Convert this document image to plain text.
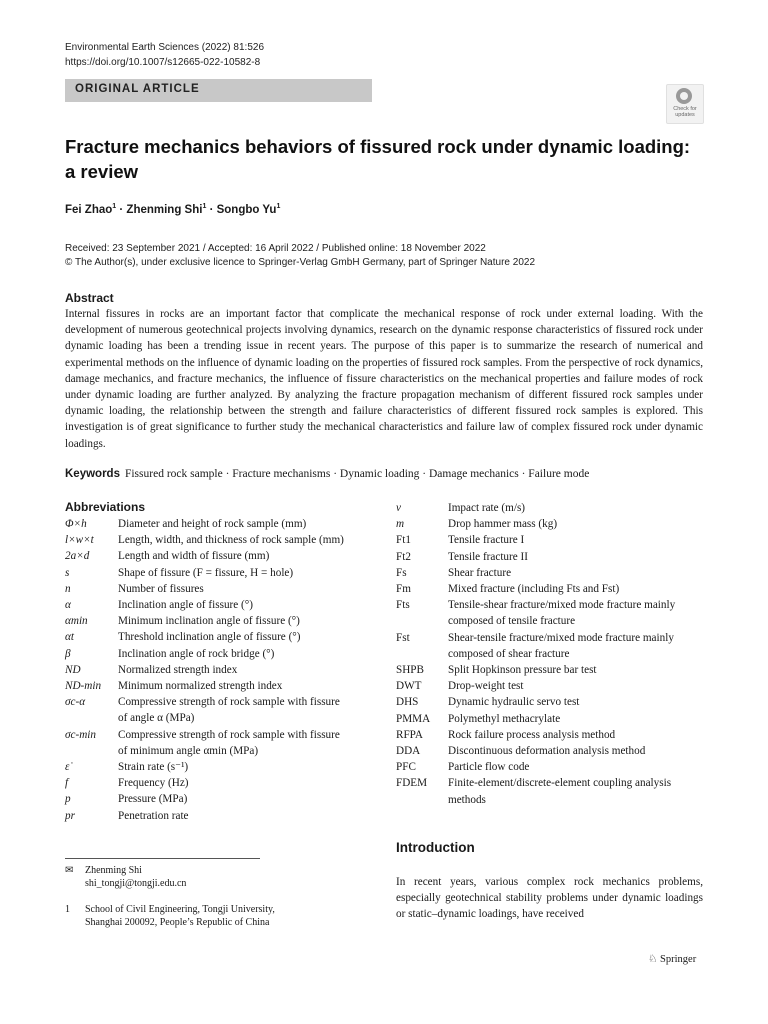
Environmental Earth Sciences (2022) 81:526
https://doi.org/10.1007/s12665-022-10582-8
ORIGINAL ARTICLE
Check for updates
Fracture mechanics behaviors of fissured rock under dynamic loading: a review
Fei Zhao$^1$ · Zhenming Shi$^1$ · Songbo Yu$^1$
Received: 23 September 2021 / Accepted: 16 April 2022 / Published online: 18 November 2022
© The Author(s), under exclusive licence to Springer-Verlag GmbH Germany, part of Springer Nature 2022
Abstract
Internal fissures in rocks are an important factor that complicate the mechanical response of rock under external loading. With the development of numerous geotechnical projects involving dynamics, research on the dynamic response characteristics of fissured rock under dynamic loading has been a trending issue in recent years. The purpose of this paper is to summarize the research of numerical and experimental methods on the influence of dynamic loading on the properties of fissured rock samples. From the perspective of rock dynamics, damage mechanics, and fracture mechanics, the influence of fissure characteristics on the mechanical properties and failure modes of rock under dynamic loading are further analyzed. By analyzing the fracture propagation mechanism of different fissured rock samples under dynamic loading, the relationship between the strength and failure characteristics of different fissured rock samples is explored. This investigation is of great significance to further study the mechanical characteristics and failure law of complex fissured rock under dynamic loadings.
Keywords Fissured rock sample · Fracture mechanisms · Dynamic loading · Damage mechanics · Failure mode
Abbreviations
Φ×h	Diameter and height of rock sample (mm)
l×w×t	Length, width, and thickness of rock sample (mm)
2a×d	Length and width of fissure (mm)
s	Shape of fissure (F = fissure, H = hole)
n	Number of fissures
α	Inclination angle of fissure (°)
αmin	Minimum inclination angle of fissure (°)
αt	Threshold inclination angle of fissure (°)
β	Inclination angle of rock bridge (°)
ND	Normalized strength index
ND-min	Minimum normalized strength index
σc-α	Compressive strength of rock sample with fissure of angle α (MPa)
σc-min	Compressive strength of rock sample with fissure of minimum angle αmin (MPa)
ε̇	Strain rate (s⁻¹)
f	Frequency (Hz)
p	Pressure (MPa)
pr	Penetration rate
v	Impact rate (m/s)
m	Drop hammer mass (kg)
Ft1	Tensile fracture I
Ft2	Tensile fracture II
Fs	Shear fracture
Fm	Mixed fracture (including Fts and Fst)
Fts	Tensile-shear fracture/mixed mode fracture mainly composed of tensile fracture
Fst	Shear-tensile fracture/mixed mode fracture mainly composed of shear fracture
SHPB	Split Hopkinson pressure bar test
DWT	Drop-weight test
DHS	Dynamic hydraulic servo test
PMMA	Polymethyl methacrylate
RFPA	Rock failure process analysis method
DDA	Discontinuous deformation analysis method
PFC	Particle flow code
FDEM	Finite-element/discrete-element coupling analysis methods
✉ Zhenming Shi
shi_tongji@tongji.edu.cn
1 School of Civil Engineering, Tongji University,
Shanghai 200092, People’s Republic of China
Introduction
In recent years, various complex rock mechanics problems, especially geotechnical stability problems under dynamic loadings or static–dynamic loadings, have received
♘ Springer
